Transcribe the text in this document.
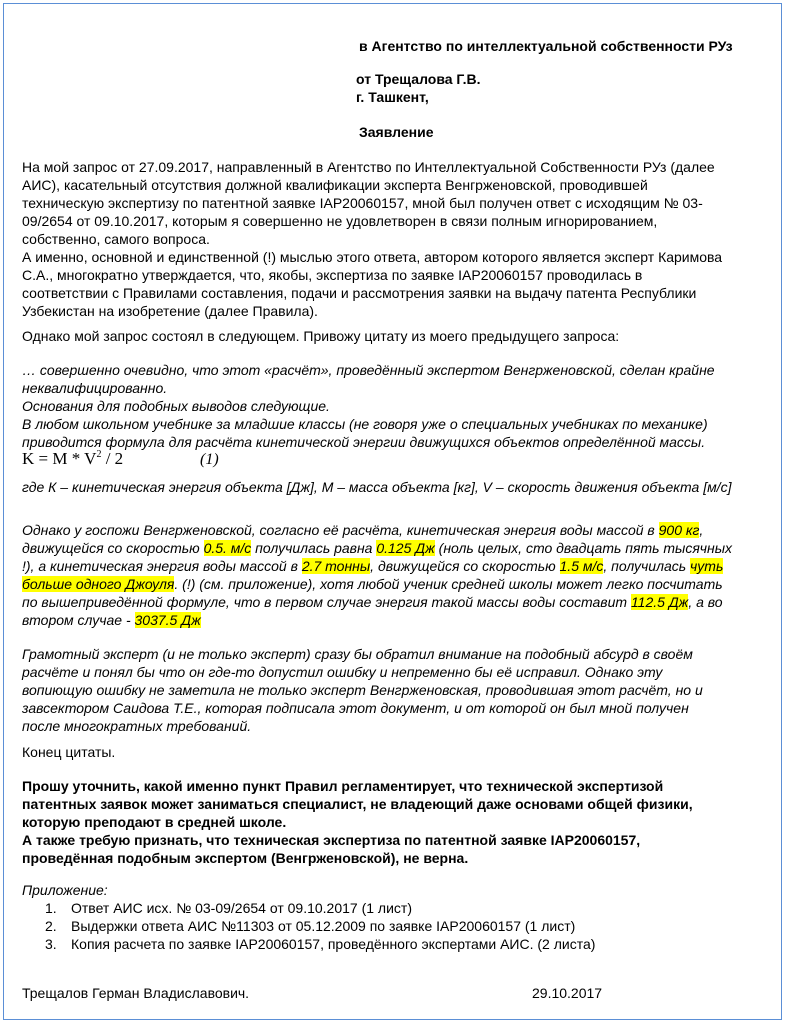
в Агентство по интеллектуальной собственности РУз
от Трещалова Г.В.
г. Ташкент,
Заявление
На мой запрос от 27.09.2017, направленный в Агентство по Интеллектуальной Собственности РУз (далее
АИС), касательный отсутствия должной квалификации эксперта Венгрженовской, проводившей
техническую экспертизу по патентной заявке IAP20060157, мной был получен ответ с исходящим № 03-
09/2654 от 09.10.2017, которым я совершенно не удовлетворен в связи полным игнорированием,
собственно, самого вопроса.
А именно, основной и единственной (!) мыслью этого ответа, автором которого является эксперт Каримова
С.А., многократно утверждается, что, якобы, экспертиза по заявке IAP20060157 проводилась в
соответствии с Правилами составления, подачи и рассмотрения заявки на выдачу патента Республики
Узбекистан на изобретение (далее Правила).
Однако мой запрос состоял в следующем. Привожу цитату из моего предыдущего запроса:
… совершенно очевидно, что этот «расчёт», проведённый экспертом Венгрженовской, сделан крайне
неквалифицированно.
Основания для подобных выводов следующие.
В любом школьном учебнике за младшие классы (не говоря уже о специальных учебниках по механике)
приводится формула для расчёта кинетической энергии движущихся объектов определённой массы.
$K = M * V^2 / 2$	(1)
где К – кинетическая энергия объекта [Дж], М – масса объекта [кг], V – скорость движения объекта [м/с]
Однако у госпожи Венгрженовской, согласно её расчёта, кинетическая энергия воды массой в 900 кг,
движущейся со скоростью 0.5. м/с получилась равна 0.125 Дж (ноль целых, сто двадцать пять тысячных
!), а кинетическая энергия воды массой в 2.7 тонны, движущейся со скоростью 1.5 м/с, получилась чуть
больше одного Джоуля. (!) (см. приложение), хотя любой ученик средней школы может легко посчитать
по вышеприведённой формуле, что в первом случае энергия такой массы воды составит 112.5 Дж, а во
втором случае - 3037.5 Дж
Грамотный эксперт (и не только эксперт) сразу бы обратил внимание на подобный абсурд в своём
расчёте и понял бы что он где-то допустил ошибку и непременно бы её исправил. Однако эту
вопиющую ошибку не заметила не только эксперт Венгрженовская, проводившая этот расчёт, но и
завсектором Саидова Т.Е., которая подписала этот документ, и от которой он был мной получен
после многократных требований.
Конец цитаты.
Прошу уточнить, какой именно пункт Правил регламентирует, что технической экспертизой
патентных заявок может заниматься специалист, не владеющий даже основами общей физики,
которую преподают в средней школе.
А также требую признать, что техническая экспертиза по патентной заявке IAP20060157,
проведённая подобным экспертом (Венгрженовской), не верна.
Приложение:
1. Ответ АИС исх. № 03-09/2654 от 09.10.2017 (1 лист)
2. Выдержки ответа АИС №11303 от 05.12.2009 по заявке IAP20060157 (1 лист)
3. Копия расчета по заявке IAP20060157, проведённого экспертами АИС. (2 листа)
Трещалов Герман Владиславович.	29.10.2017
